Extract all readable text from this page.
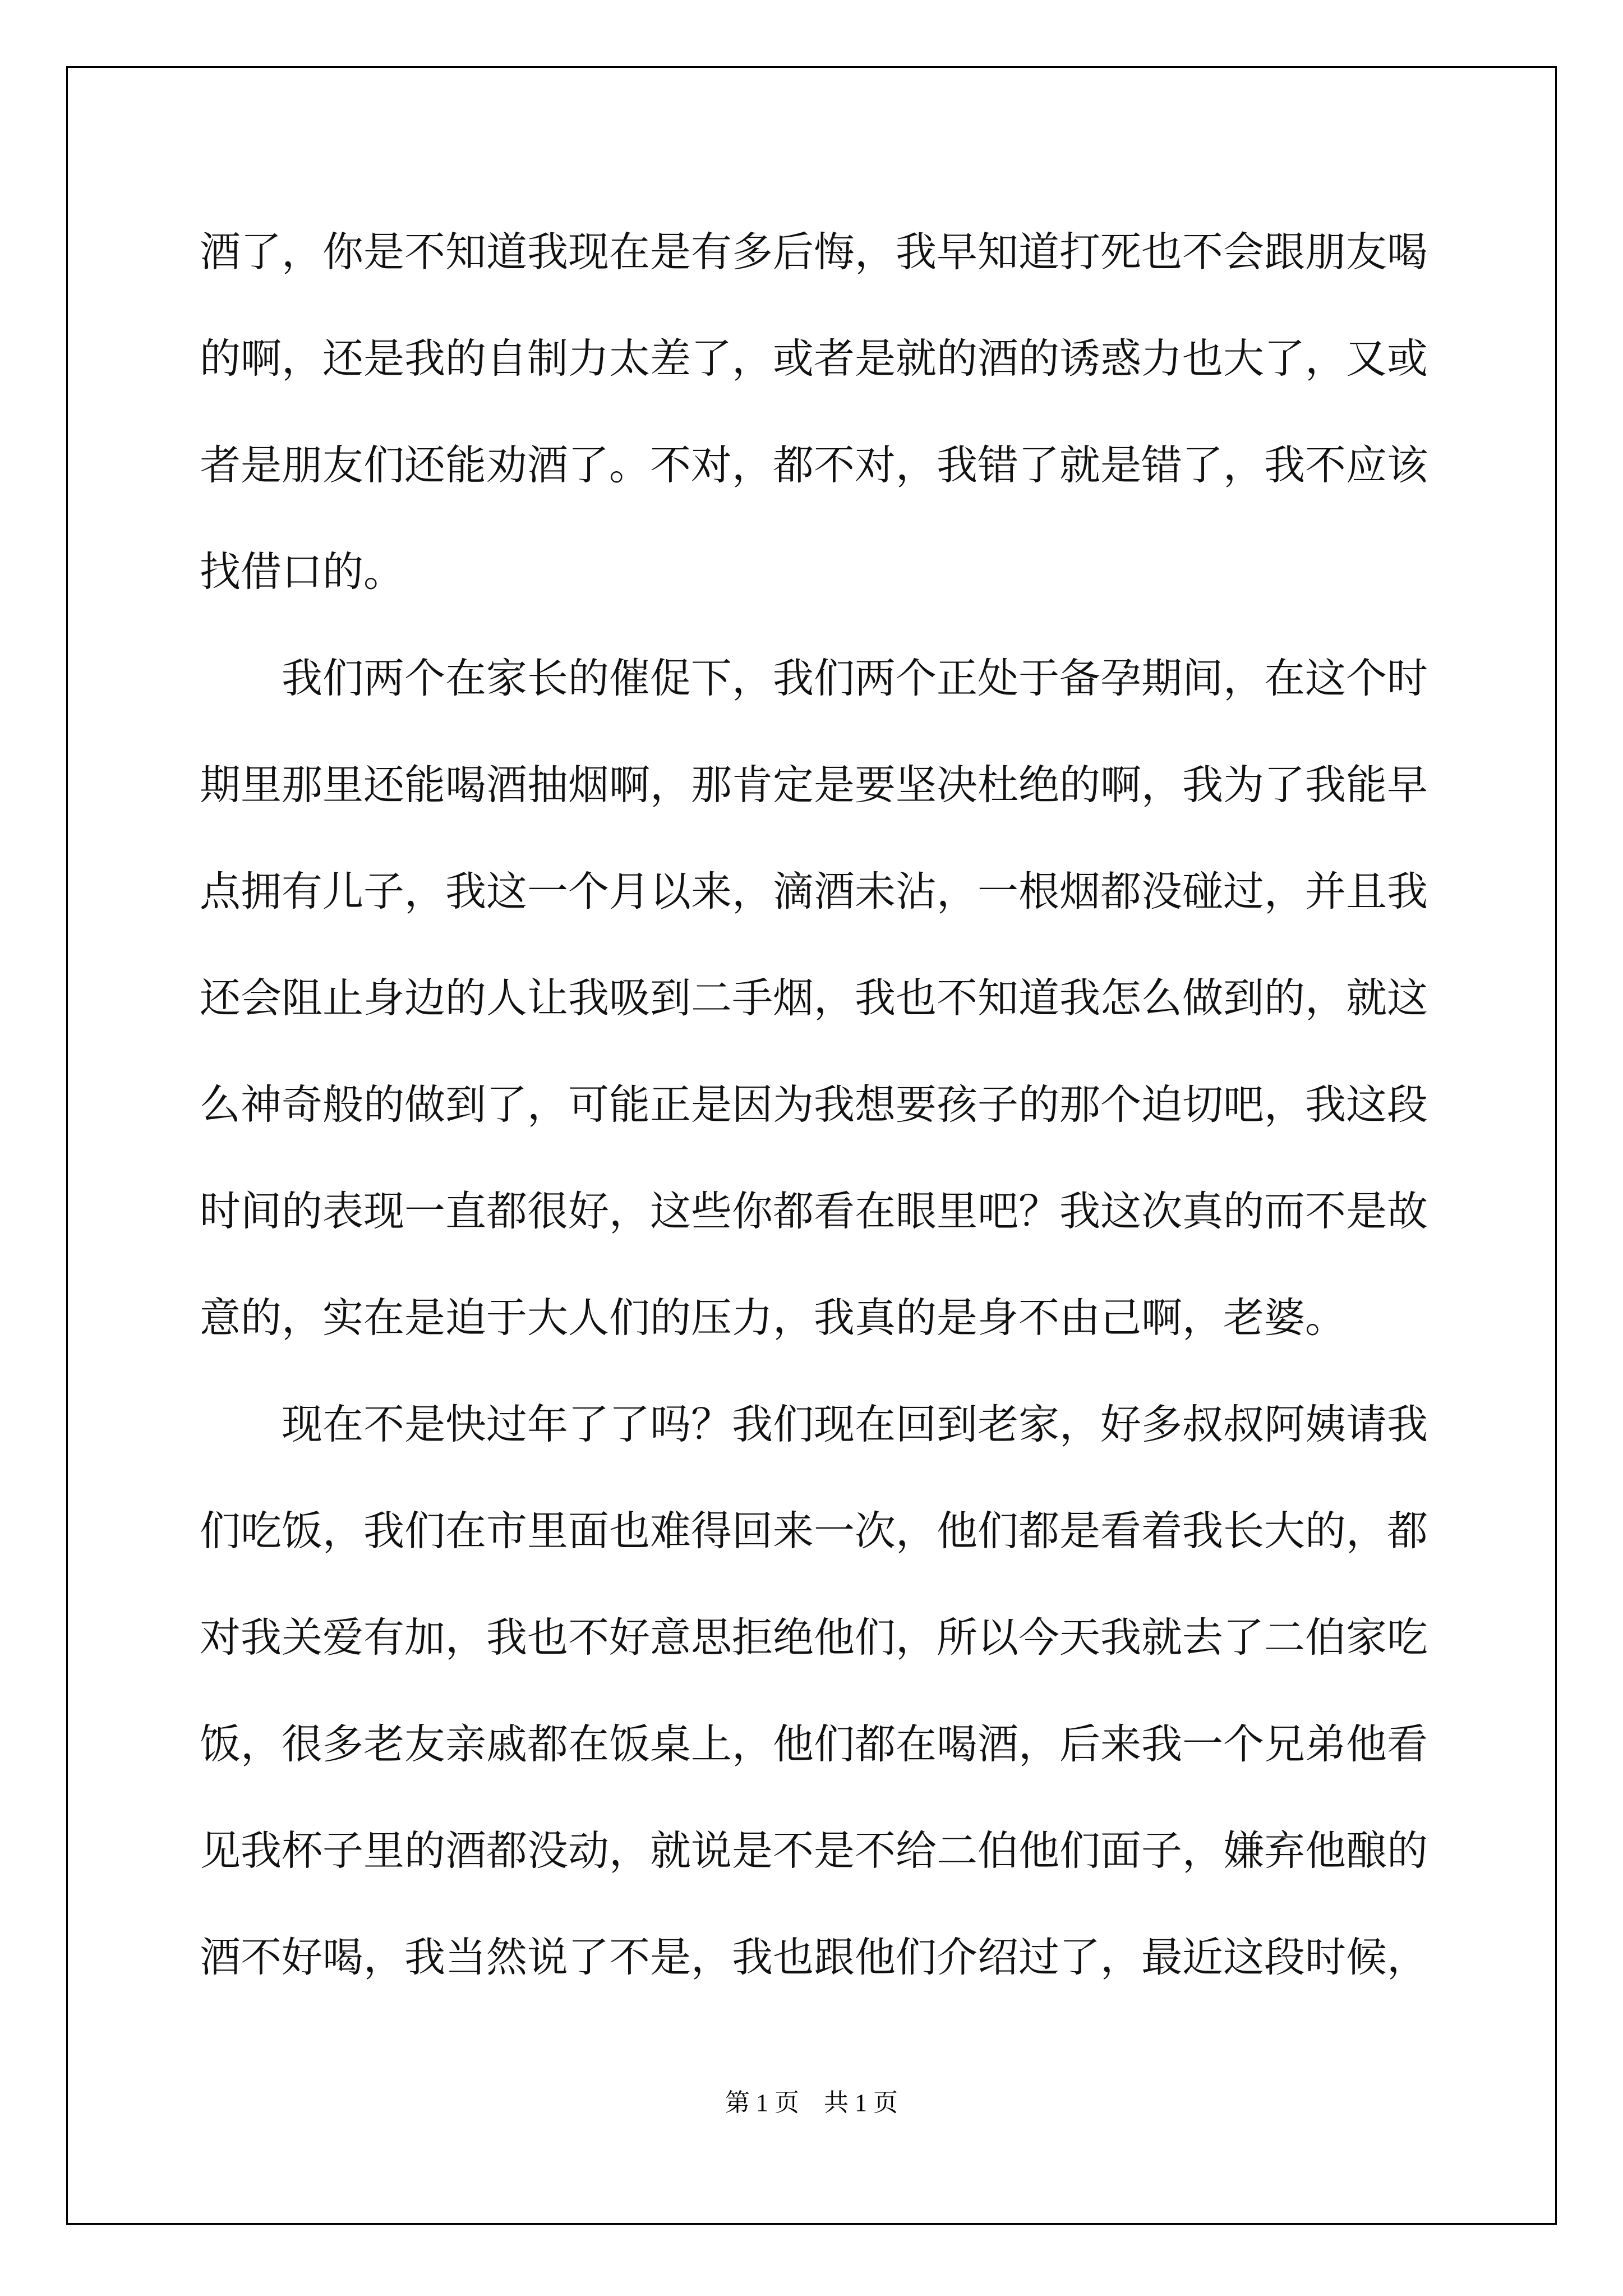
酒了，你是不知道我现在是有多后悔，我早知道打死也不会跟朋友喝的啊，还是我的自制力太差了，或者是就的酒的诱惑力也大了，又或者是朋友们还能劝酒了。不对，都不对，我错了就是错了，我不应该找借口的。

我们两个在家长的催促下，我们两个正处于备孕期间，在这个时期里那里还能喝酒抽烟啊，那肯定是要坚决杜绝的啊，我为了我能早点拥有儿子，我这一个月以来，滴酒未沾，一根烟都没碰过，并且我还会阻止身边的人让我吸到二手烟，我也不知道我怎么做到的，就这么神奇般的做到了，可能正是因为我想要孩子的那个迫切吧，我这段时间的表现一直都很好，这些你都看在眼里吧？我这次真的而不是故意的，实在是迫于大人们的压力，我真的是身不由己啊，老婆。

现在不是快过年了了吗？我们现在回到老家，好多叔叔阿姨请我们吃饭，我们在市里面也难得回来一次，他们都是看着我长大的，都对我关爱有加，我也不好意思拒绝他们，所以今天我就去了二伯家吃饭，很多老友亲戚都在饭桌上，他们都在喝酒，后来我一个兄弟他看见我杯子里的酒都没动，就说是不是不给二伯他们面子，嫌弃他酿的酒不好喝，我当然说了不是，我也跟他们介绍过了，最近这段时候，

第 1 页    共 1 页
